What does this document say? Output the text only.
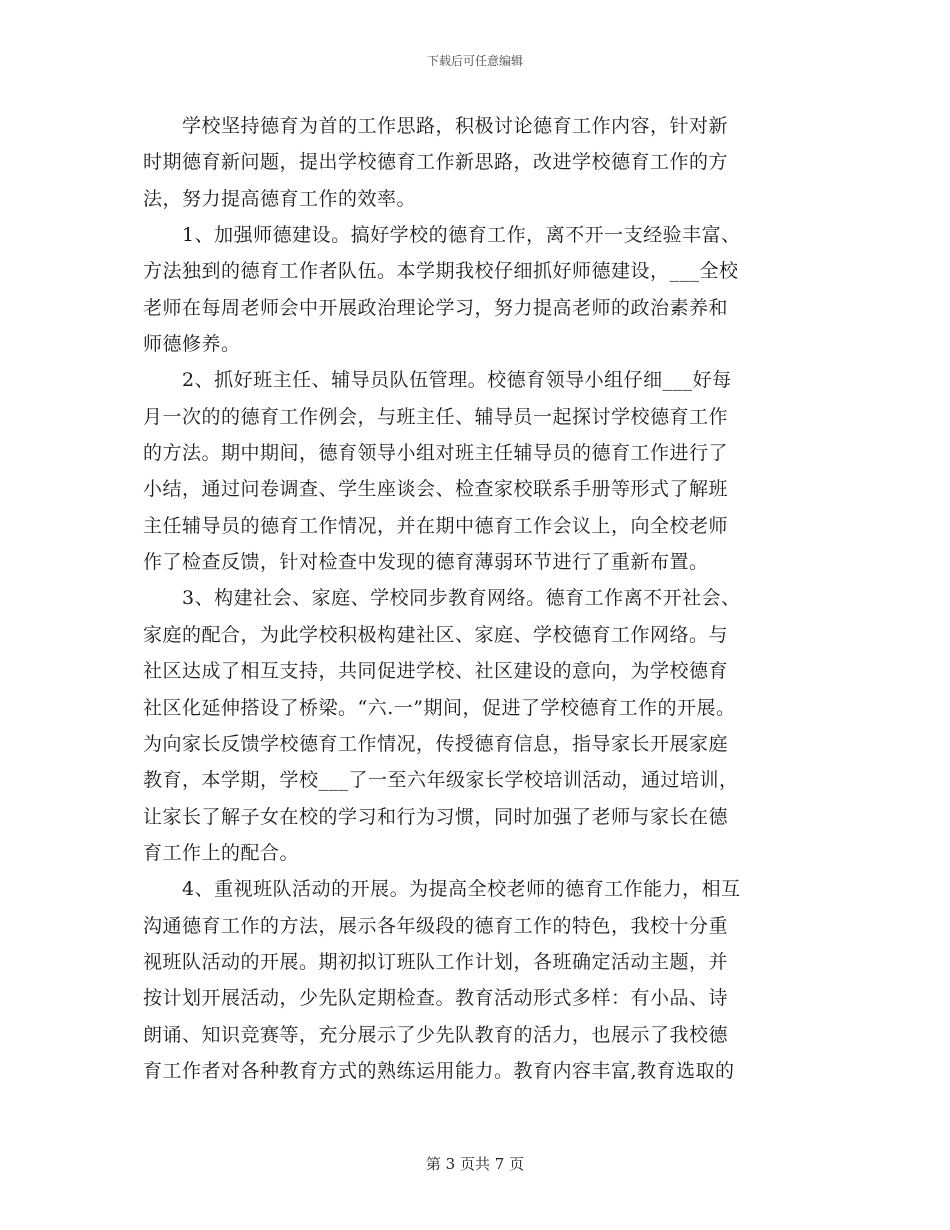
下载后可任意编辑
　　学校坚持德育为首的工作思路，积极讨论德育工作内容，针对新
时期德育新问题，提出学校德育工作新思路，改进学校德育工作的方
法，努力提高德育工作的效率。
　　1、加强师德建设。搞好学校的德育工作，离不开一支经验丰富、
方法独到的德育工作者队伍。本学期我校仔细抓好师德建设，___全校
老师在每周老师会中开展政治理论学习，努力提高老师的政治素养和
师德修养。
　　2、抓好班主任、辅导员队伍管理。校德育领导小组仔细___好每
月一次的的德育工作例会，与班主任、辅导员一起探讨学校德育工作
的方法。期中期间，德育领导小组对班主任辅导员的德育工作进行了
小结，通过问卷调查、学生座谈会、检查家校联系手册等形式了解班
主任辅导员的德育工作情况，并在期中德育工作会议上，向全校老师
作了检查反馈，针对检查中发现的德育薄弱环节进行了重新布置。
　　3、构建社会、家庭、学校同步教育网络。德育工作离不开社会、
家庭的配合，为此学校积极构建社区、家庭、学校德育工作网络。与
社区达成了相互支持，共同促进学校、社区建设的意向，为学校德育
社区化延伸搭设了桥梁。“六.一”期间，促进了学校德育工作的开展。
为向家长反馈学校德育工作情况，传授德育信息，指导家长开展家庭
教育，本学期，学校___了一至六年级家长学校培训活动，通过培训，
让家长了解子女在校的学习和行为习惯，同时加强了老师与家长在德
育工作上的配合。
　　4、重视班队活动的开展。为提高全校老师的德育工作能力，相互
沟通德育工作的方法，展示各年级段的德育工作的特色，我校十分重
视班队活动的开展。期初拟订班队工作计划，各班确定活动主题，并
按计划开展活动，少先队定期检查。教育活动形式多样：有小品、诗
朗诵、知识竞赛等，充分展示了少先队教育的活力，也展示了我校德
育工作者对各种教育方式的熟练运用能力。教育内容丰富,教育选取的
第 3 页共 7 页
